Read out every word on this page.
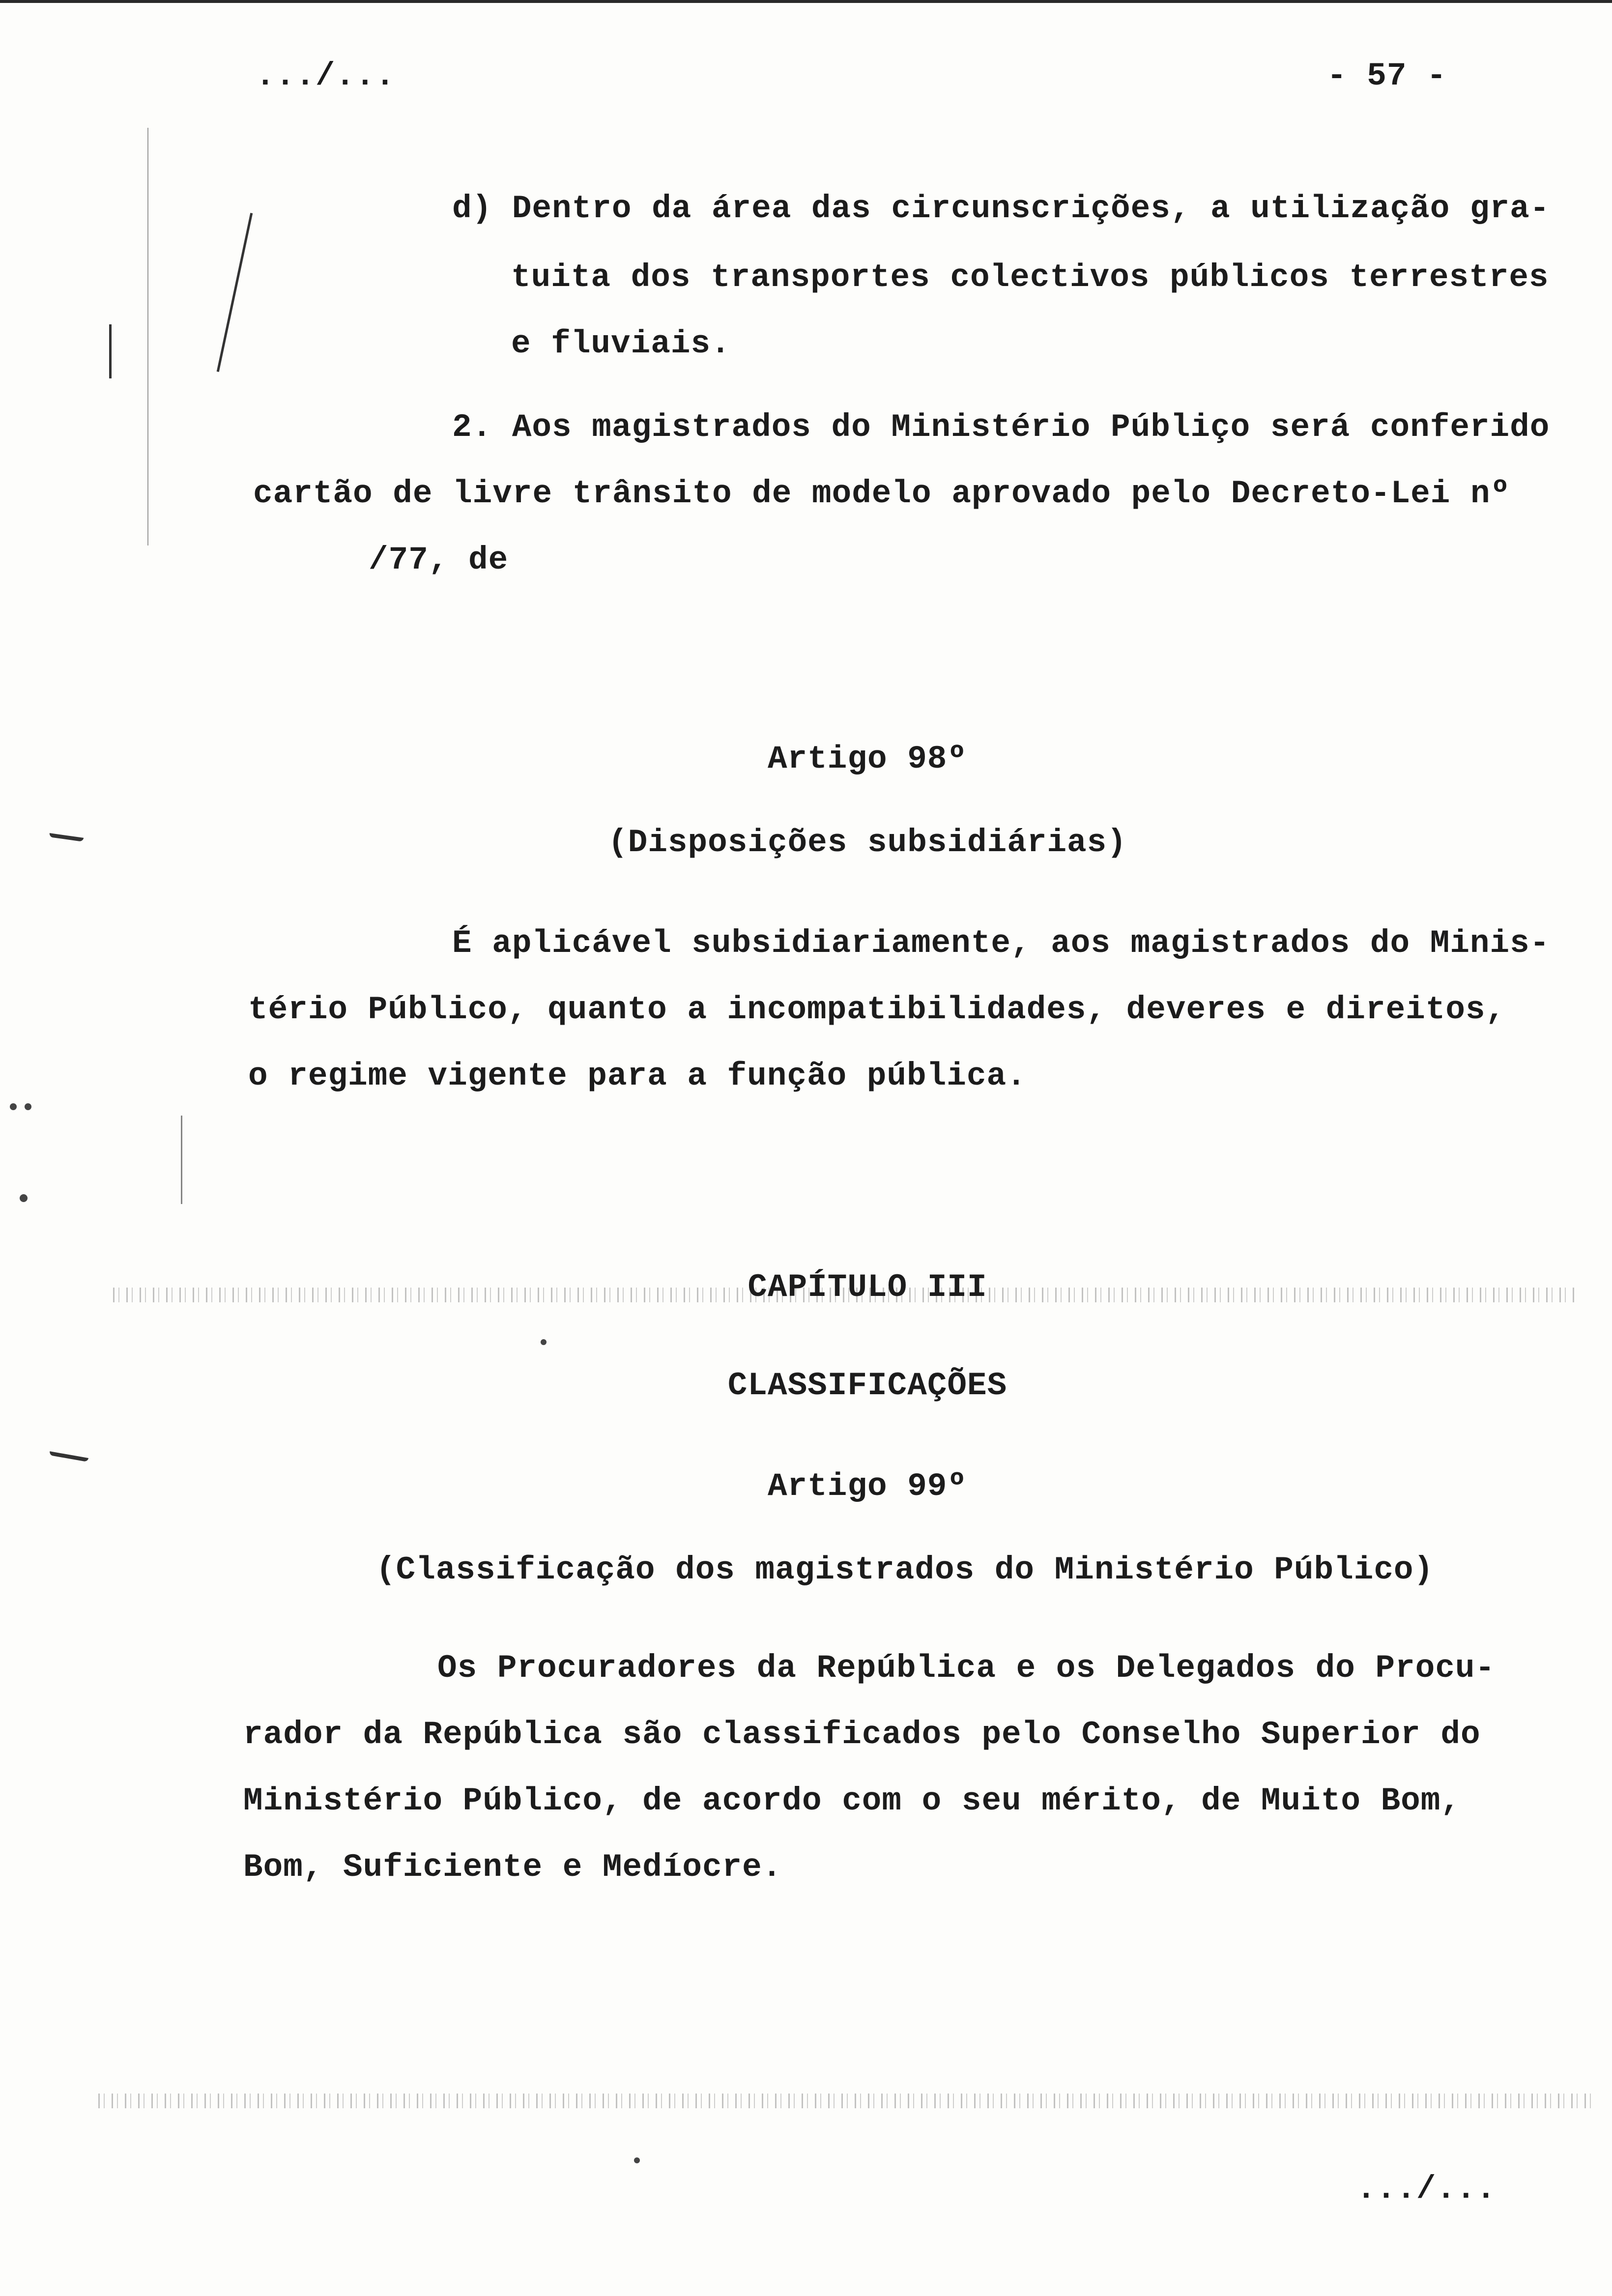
.../...	- 57 -
d) Dentro da área das circunscrições, a utilização gra-
tuita dos transportes colectivos públicos terrestres
e fluviais.
2. Aos magistrados do Ministério Públiço será conferido
cartão de livre trânsito de modelo aprovado pelo Decreto-Lei nº
/77, de
Artigo 98º
(Disposições subsidiárias)
É aplicável subsidiariamente, aos magistrados do Minis-
tério Público, quanto a incompatibilidades, deveres e direitos,
o regime vigente para a função pública.
CAPÍTULO III
CLASSIFICAÇÕES
Artigo 99º
(Classificação dos magistrados do Ministério Público)
Os Procuradores da República e os Delegados do Procu-
rador da República são classificados pelo Conselho Superior do
Ministério Público, de acordo com o seu mérito, de Muito Bom,
Bom, Suficiente e Medíocre.
.../...
